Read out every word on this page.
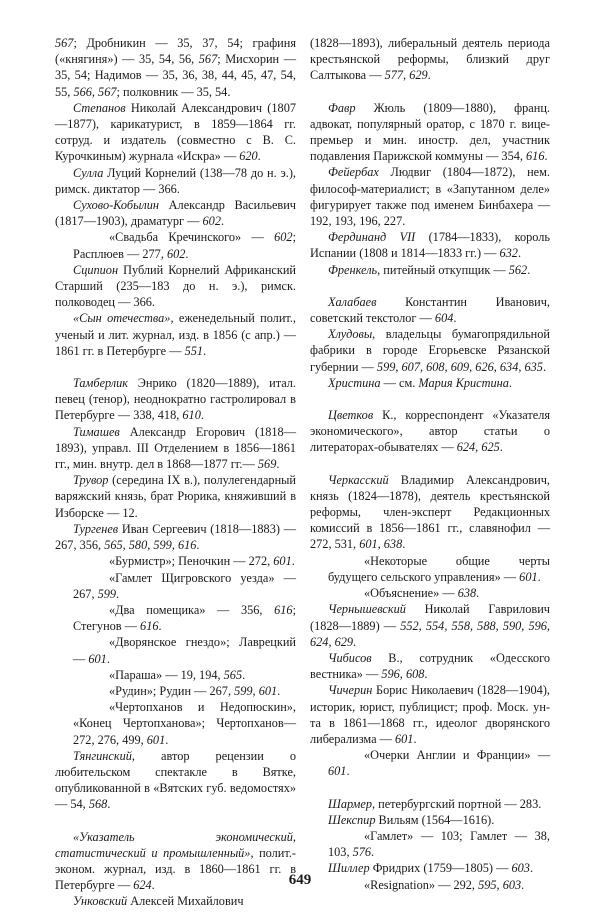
567; Дробникин — 35, 37, 54; графиня («княгиня») — 35, 54, 56, 567; Мисхорин — 35, 54; Надимов — 35, 36, 38, 44, 45, 47, 54, 55, 566, 567; полковник — 35, 54.

Степанов Николай Александрович (1807—1877), карикатурист, в 1859—1864 гг. сотруд. и издатель (совместно с В. С. Курочкиным) журнала «Искра» — 620.

Сулла Луций Корнелий (138—78 до н. э.), римск. диктатор — 366.

Сухово-Кобылин Александр Васильевич (1817—1903), драматург — 602.

«Свадьба Кречинского» — 602; Расплюев — 277, 602.

Сципион Публий Корнелий Африканский Старший (235—183 до н. э.), римск. полководец — 366.

«Сын отечества», еженедельный полит., ученый и лит. журнал, изд. в 1856 (с апр.) — 1861 гг. в Петербурге — 551.

Тамберлик Энрико (1820—1889), итал. певец (тенор), неоднократно гастролировал в Петербурге — 338, 418, 610.

Тимашев Александр Егорович (1818—1893), управл. III Отделением в 1856—1861 гг., мин. внутр. дел в 1868—1877 гг.— 569.

Трувор (середина IX в.), полулегендарный варяжский князь, брат Рюрика, княживший в Изборске — 12.

Тургенев Иван Сергеевич (1818—1883) — 267, 356, 565, 580, 599, 616.

«Бурмистр»; Пеночкин — 272, 601.

«Гамлет Щигровского уезда» — 267, 599.

«Два помещика» — 356, 616; Стегунов — 616.

«Дворянское гнездо»; Лаврецкий — 601.

«Параша» — 19, 194, 565.

«Рудин»; Рудин — 267, 599, 601.

«Чертопханов и Недопюскин», «Конец Чертопханова»; Чертопханов— 272, 276, 499, 601.

Тянгинский, автор рецензии о любительском спектакле в Вятке, опубликованной в «Вятских губ. ведомостях» — 54, 568.

«Указатель экономический, статистический и промышленный», полит.-эконом. журнал, изд. в 1860—1861 гг. в Петербурге — 624.

Унковский Алексей Михайлович

(1828—1893), либеральный деятель периода крестьянской реформы, близкий друг Салтыкова — 577, 629.

Фавр Жюль (1809—1880), франц. адвокат, популярный оратор, с 1870 г. вице-премьер и мин. иностр. дел, участник подавления Парижской коммуны — 354, 616.

Фейербах Людвиг (1804—1872), нем. философ-материалист; в «Запутанном деле» фигурирует также под именем Бинбахера — 192, 193, 196, 227.

Фердинанд VII (1784—1833), король Испании (1808 и 1814—1833 гг.) — 632.

Френкель, питейный откупщик — 562.

Халабаев Константин Иванович, советский текстолог — 604.

Хлудовы, владельцы бумагопрядильной фабрики в городе Егорьевске Рязанской губернии — 599, 607, 608, 609, 626, 634, 635.

Христина — см. Мария Кристина.

Цветков К., корреспондент «Указателя экономического», автор статьи о литераторах-обывателях — 624, 625.

Черкасский Владимир Александрович, князь (1824—1878), деятель крестьянской реформы, член-эксперт Редакционных комиссий в 1856—1861 гг., славянофил — 272, 531, 601, 638.

«Некоторые общие черты будущего сельского управления» — 601.

«Объяснение» — 638.

Чернышевский Николай Гаврилович (1828—1889) — 552, 554, 558, 588, 590, 596, 624, 629.

Чибисов В., сотрудник «Одесского вестника» — 596, 608.

Чичерин Борис Николаевич (1828—1904), историк, юрист, публицист; проф. Моск. ун-та в 1861—1868 гг., идеолог дворянского либерализма — 601.

«Очерки Англии и Франции» — 601.

Шармер, петербургский портной — 283.

Шекспир Вильям (1564—1616).

«Гамлет» — 103; Гамлет — 38, 103, 576.

Шиллер Фридрих (1759—1805) — 603.

«Resignation» — 292, 595, 603.

649
